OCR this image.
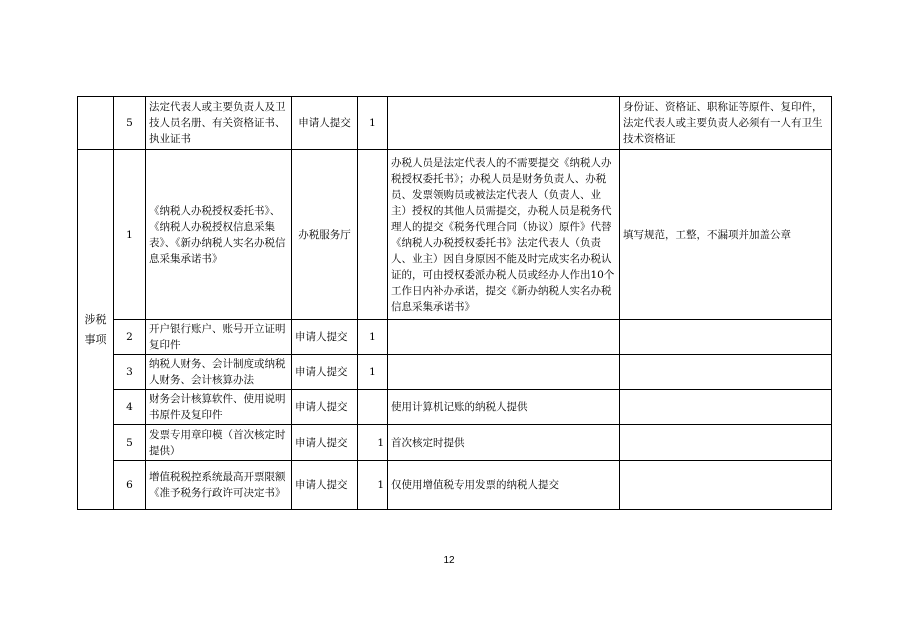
	5	法定代表人或主要负责人及卫技人员名册、有关资格证书、执业证书	申请人提交	1		身份证、资格证、职称证等原件、复印件，法定代表人或主要负责人必须有一人有卫生技术资格证
涉税事项	1	《纳税人办税授权委托书》、《纳税人办税授权信息采集表》、《新办纳税人实名办税信息采集承诺书》	办税服务厅		办税人员是法定代表人的不需要提交《纳税人办税授权委托书》；办税人员是财务负责人、办税员、发票领购员或被法定代表人（负责人、业主）授权的其他人员需提交，办税人员是税务代理人的提交《税务代理合同（协议）原件》代替《纳税人办税授权委托书》法定代表人（负责人、业主）因自身原因不能及时完成实名办税认证的，可由授权委派办税人员或经办人作出10个工作日内补办承诺，提交《新办纳税人实名办税信息采集承诺书》	填写规范，工整，不漏项并加盖公章
	2	开户银行账户、账号开立证明复印件	申请人提交	1		
	3	纳税人财务、会计制度或纳税人财务、会计核算办法	申请人提交	1		
	4	财务会计核算软件、使用说明书原件及复印件	申请人提交		使用计算机记账的纳税人提供	
	5	发票专用章印模（首次核定时提供）	申请人提交	1	首次核定时提供	
	6	增值税税控系统最高开票限额《准予税务行政许可决定书》	申请人提交	1	仅使用增值税专用发票的纳税人提交	
12
